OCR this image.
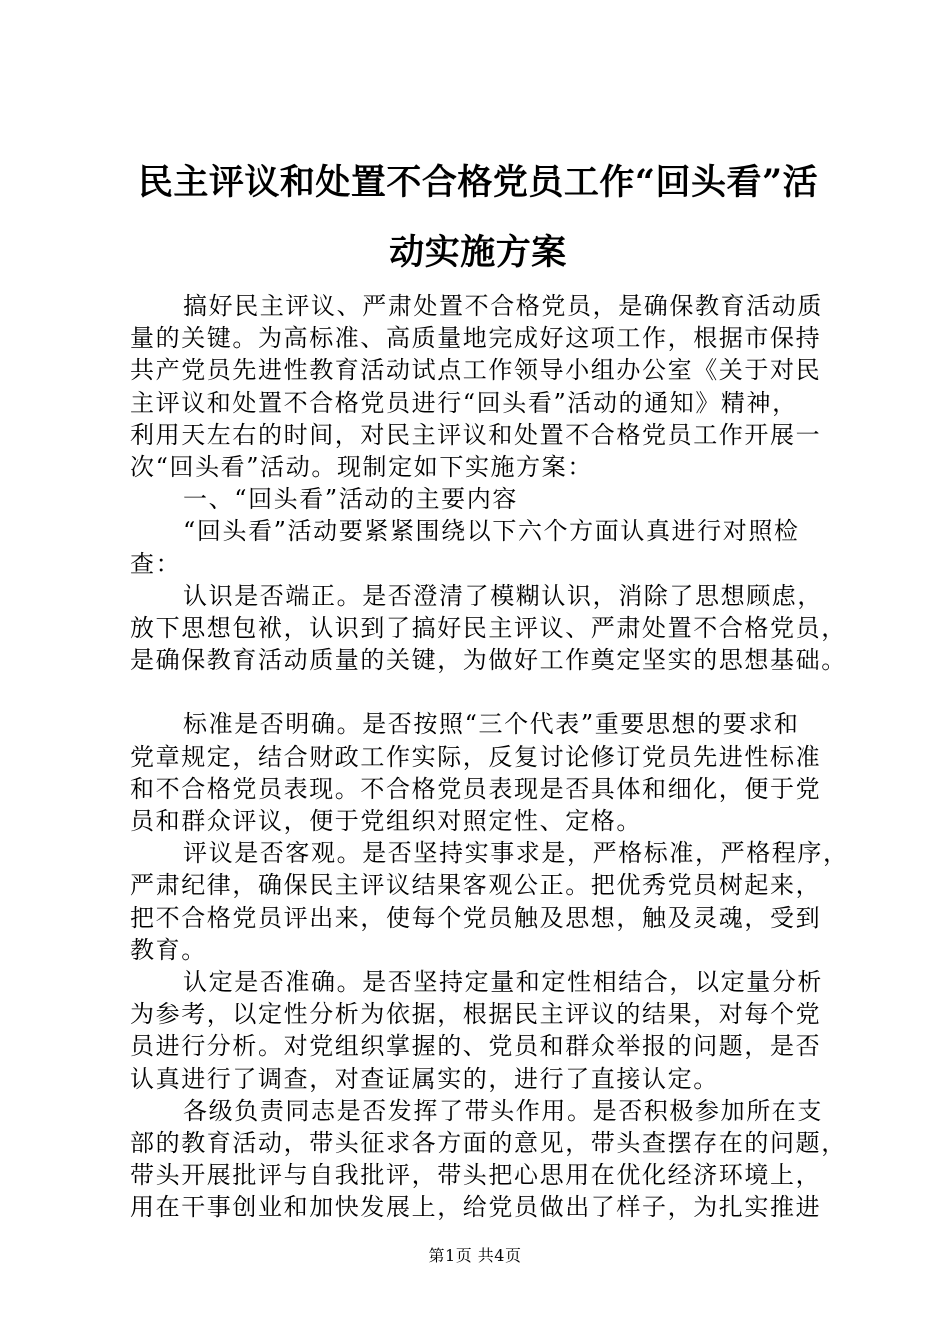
民主评议和处置不合格党员工作“回头看”活
动实施方案
搞好民主评议、严肃处置不合格党员，是确保教育活动质
量的关键。为高标准、高质量地完成好这项工作，根据市保持
共产党员先进性教育活动试点工作领导小组办公室《关于对民
主评议和处置不合格党员进行“回头看”活动的通知》精神，
利用天左右的时间，对民主评议和处置不合格党员工作开展一
次“回头看”活动。现制定如下实施方案：
一、“回头看”活动的主要内容
“回头看”活动要紧紧围绕以下六个方面认真进行对照检
查：
认识是否端正。是否澄清了模糊认识，消除了思想顾虑，
放下思想包袱，认识到了搞好民主评议、严肃处置不合格党员，
是确保教育活动质量的关键，为做好工作奠定坚实的思想基础。
标准是否明确。是否按照“三个代表”重要思想的要求和
党章规定，结合财政工作实际，反复讨论修订党员先进性标准
和不合格党员表现。不合格党员表现是否具体和细化，便于党
员和群众评议，便于党组织对照定性、定格。
评议是否客观。是否坚持实事求是，严格标准，严格程序，
严肃纪律，确保民主评议结果客观公正。把优秀党员树起来，
把不合格党员评出来，使每个党员触及思想，触及灵魂，受到
教育。
认定是否准确。是否坚持定量和定性相结合，以定量分析
为参考，以定性分析为依据，根据民主评议的结果，对每个党
员进行分析。对党组织掌握的、党员和群众举报的问题，是否
认真进行了调查，对查证属实的，进行了直接认定。
各级负责同志是否发挥了带头作用。是否积极参加所在支
部的教育活动，带头征求各方面的意见，带头查摆存在的问题，
带头开展批评与自我批评，带头把心思用在优化经济环境上，
用在干事创业和加快发展上，给党员做出了样子，为扎实推进
第1页 共4页
